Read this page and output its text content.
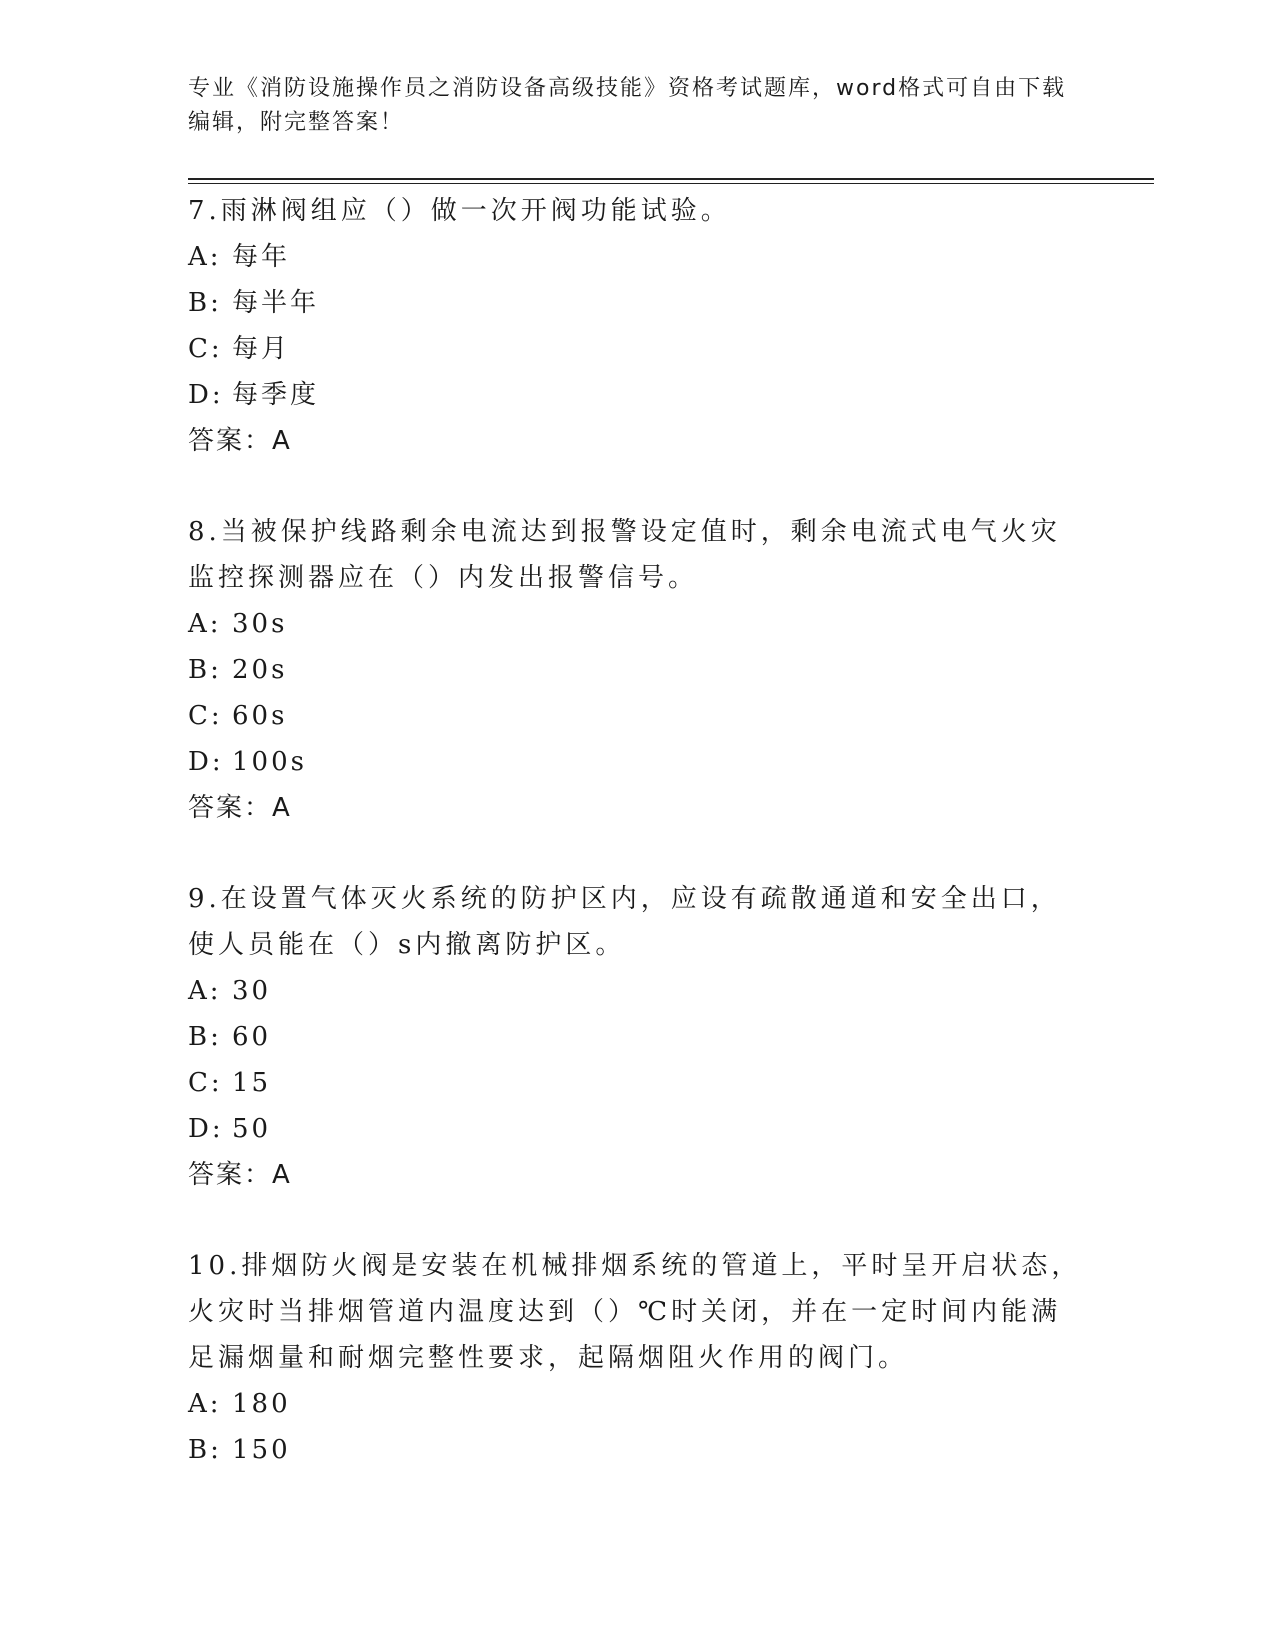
专业《消防设施操作员之消防设备高级技能》资格考试题库，word格式可自由下载编辑，附完整答案！

7.雨淋阀组应（）做一次开阀功能试验。

A: 每年

B: 每半年

C: 每月

D: 每季度

答案：A

8.当被保护线路剩余电流达到报警设定值时，剩余电流式电气火灾监控探测器应在（）内发出报警信号。

A: 30s

B: 20s

C: 60s

D: 100s

答案：A

9.在设置气体灭火系统的防护区内，应设有疏散通道和安全出口，使人员能在（）s内撤离防护区。

A: 30

B: 60

C: 15

D: 50

答案：A

10.排烟防火阀是安装在机械排烟系统的管道上，平时呈开启状态，火灾时当排烟管道内温度达到（）℃时关闭，并在一定时间内能满足漏烟量和耐烟完整性要求，起隔烟阻火作用的阀门。

A: 180

B: 150
